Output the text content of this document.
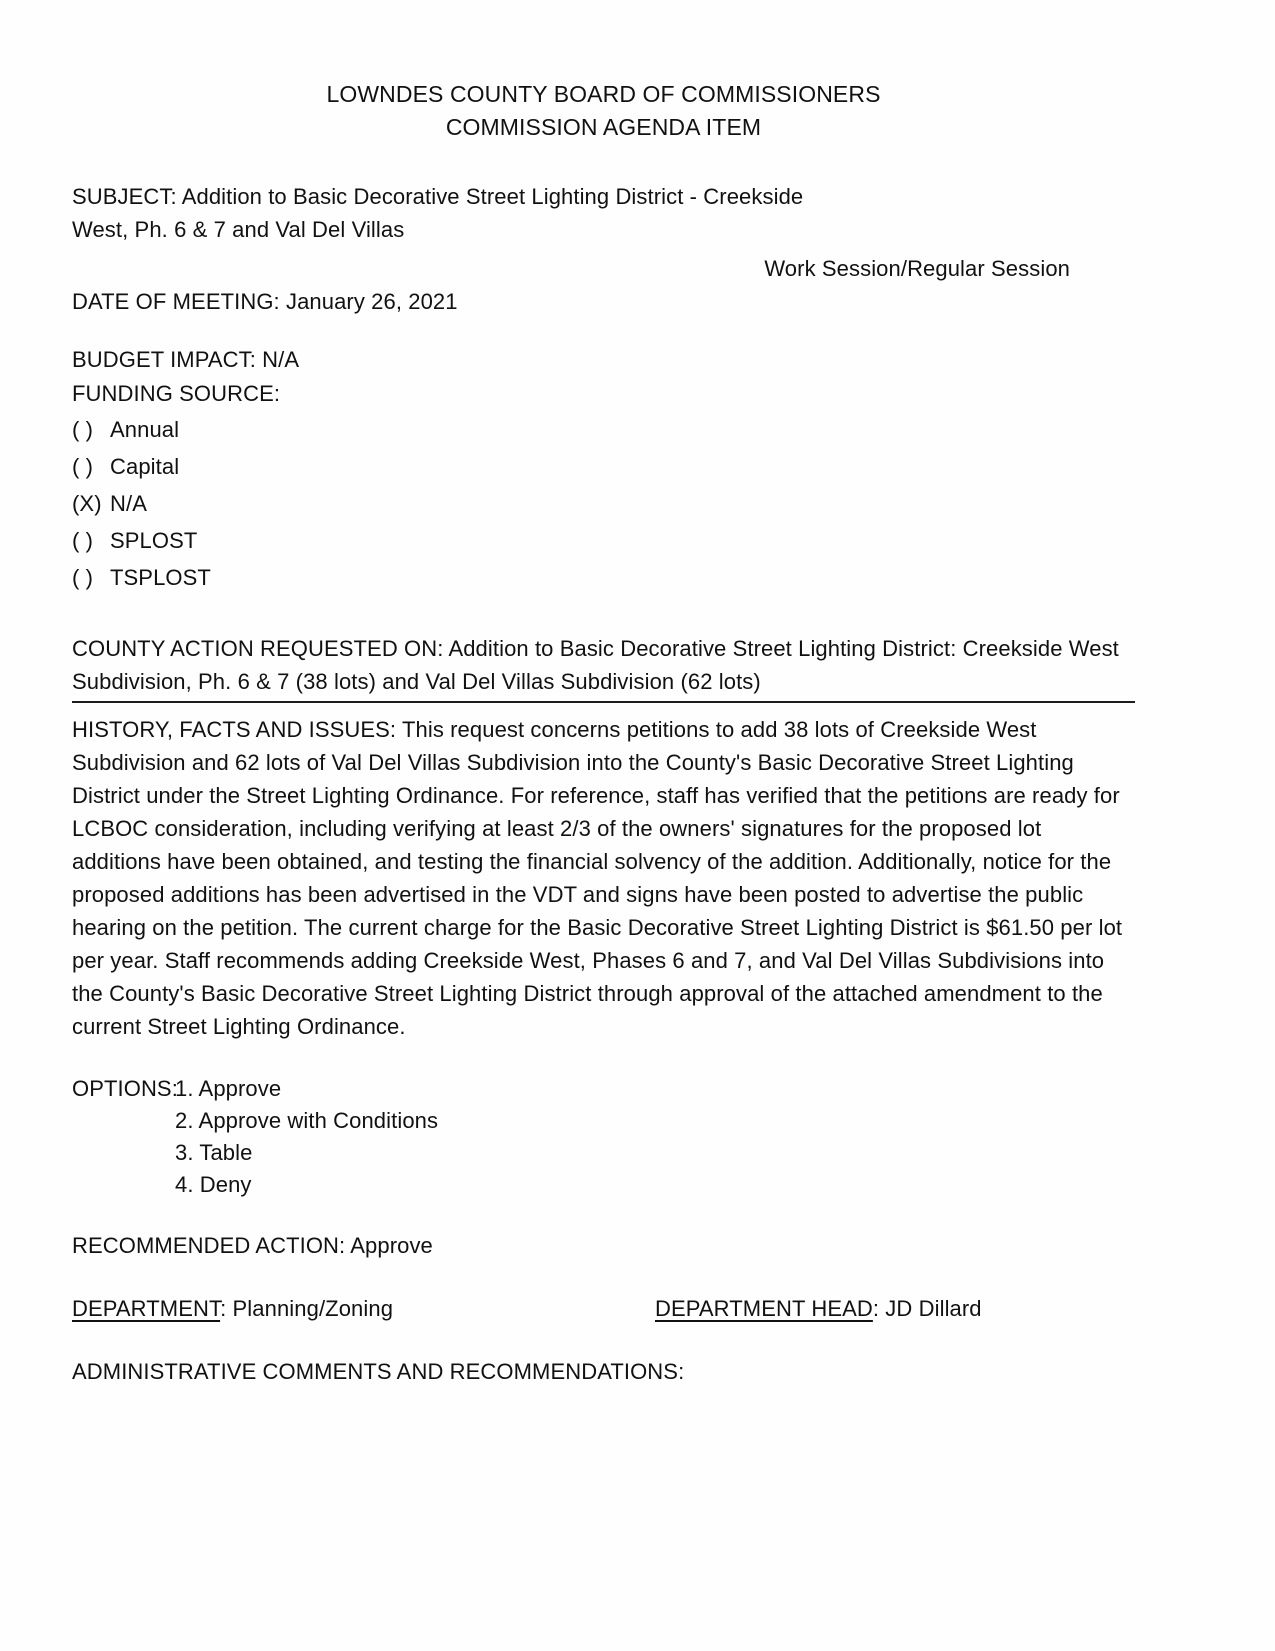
LOWNDES COUNTY BOARD OF COMMISSIONERS
COMMISSION AGENDA ITEM
SUBJECT: Addition to Basic Decorative Street Lighting District - Creekside West, Ph. 6 & 7 and Val Del Villas
Work Session/Regular Session
DATE OF MEETING: January 26, 2021
BUDGET IMPACT: N/A
FUNDING SOURCE:
( ) Annual
( ) Capital
(X) N/A
( ) SPLOST
( ) TSPLOST
COUNTY ACTION REQUESTED ON: Addition to Basic Decorative Street Lighting District: Creekside West Subdivision, Ph. 6 & 7 (38 lots) and Val Del Villas Subdivision (62 lots)
HISTORY, FACTS AND ISSUES: This request concerns petitions to add 38 lots of Creekside West Subdivision and 62 lots of Val Del Villas Subdivision into the County's Basic Decorative Street Lighting District under the Street Lighting Ordinance. For reference, staff has verified that the petitions are ready for LCBOC consideration, including verifying at least 2/3 of the owners' signatures for the proposed lot additions have been obtained, and testing the financial solvency of the addition. Additionally, notice for the proposed additions has been advertised in the VDT and signs have been posted to advertise the public hearing on the petition. The current charge for the Basic Decorative Street Lighting District is $61.50 per lot per year. Staff recommends adding Creekside West, Phases 6 and 7, and Val Del Villas Subdivisions into the County's Basic Decorative Street Lighting District through approval of the attached amendment to the current Street Lighting Ordinance.
OPTIONS:
1. Approve
2. Approve with Conditions
3. Table
4. Deny
RECOMMENDED ACTION: Approve
DEPARTMENT: Planning/Zoning	DEPARTMENT HEAD: JD Dillard
ADMINISTRATIVE COMMENTS AND RECOMMENDATIONS:
